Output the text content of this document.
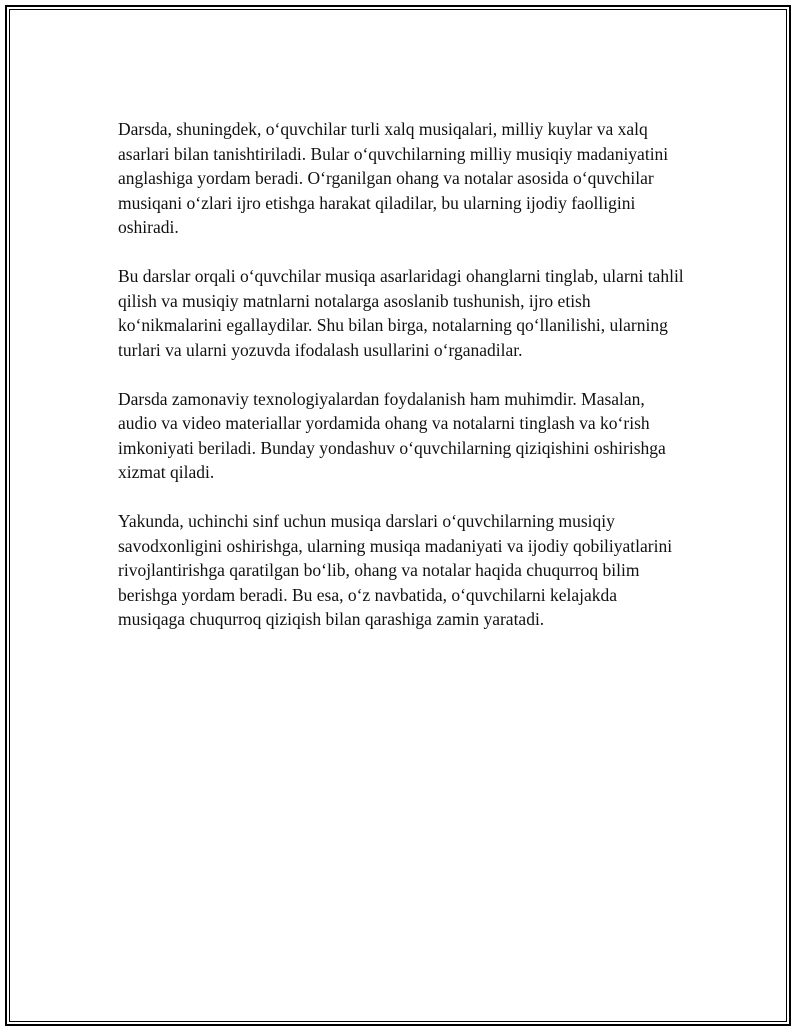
Darsda, shuningdek, o‘quvchilar turli xalq musiqalari, milliy kuylar va xalq asarlari bilan tanishtiriladi. Bular o‘quvchilarning milliy musiqiy madaniyatini anglashiga yordam beradi. O‘rganilgan ohang va notalar asosida o‘quvchilar musiqani o‘zlari ijro etishga harakat qiladilar, bu ularning ijodiy faolligini oshiradi.

Bu darslar orqali o‘quvchilar musiqa asarlaridagi ohanglarni tinglab, ularni tahlil qilish va musiqiy matnlarni notalarga asoslanib tushunish, ijro etish ko‘nikmalarini egallaydilar. Shu bilan birga, notalarning qo‘llanilishi, ularning turlari va ularni yozuvda ifodalash usullarini o‘rganadilar.

Darsda zamonaviy texnologiyalardan foydalanish ham muhimdir. Masalan, audio va video materiallar yordamida ohang va notalarni tinglash va ko‘rish imkoniyati beriladi. Bunday yondashuv o‘quvchilarning qiziqishini oshirishga xizmat qiladi.

Yakunda, uchinchi sinf uchun musiqa darslari o‘quvchilarning musiqiy savodxonligini oshirishga, ularning musiqa madaniyati va ijodiy qobiliyatlarini rivojlantirishga qaratilgan bo‘lib, ohang va notalar haqida chuqurroq bilim berishga yordam beradi. Bu esa, o‘z navbatida, o‘quvchilarni kelajakda musiqaga chuqurroq qiziqish bilan qarashiga zamin yaratadi.
